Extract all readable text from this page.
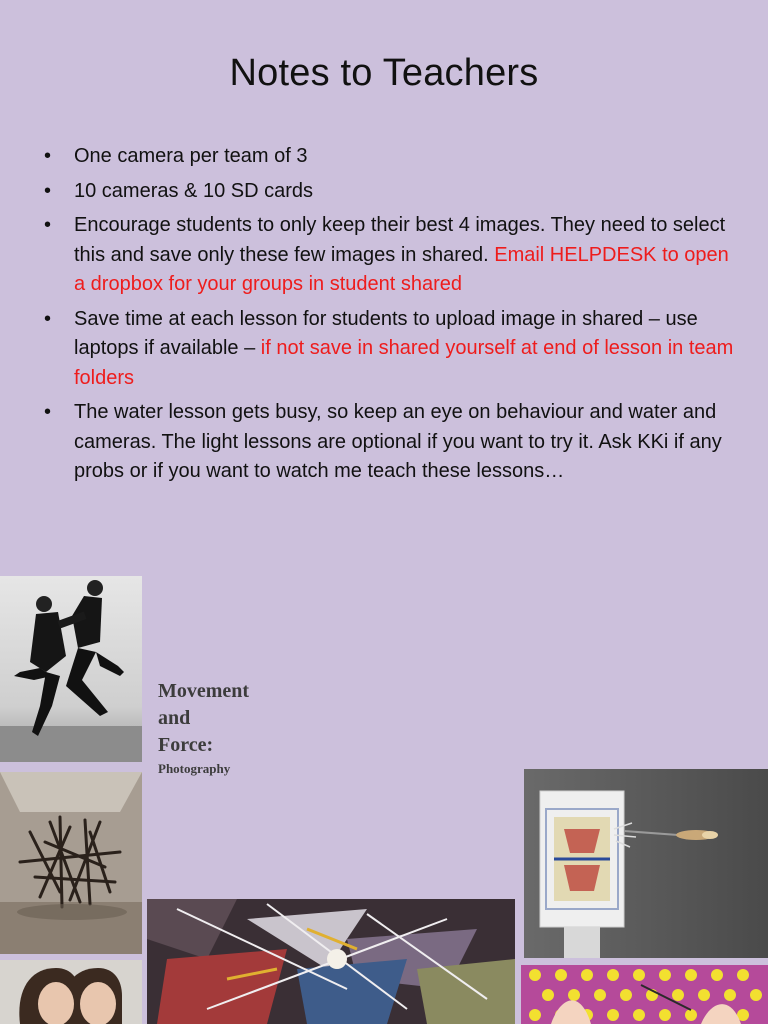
Notes to Teachers
• One camera per team of 3
• 10 cameras & 10 SD cards
• Encourage students to only keep their best 4 images. They need to select this and save only these few images in shared. Email HELPDESK to open a dropbox for your groups in student shared
• Save time at each lesson for students to upload image in shared – use laptops if available – if not save in shared yourself at end of lesson in team folders
• The water lesson gets busy, so keep an eye on behaviour and water and cameras. The light lessons are optional if you want to try it. Ask KKi if any probs or if you want to watch me teach these lessons…
Movement
and
Force:
Photography
